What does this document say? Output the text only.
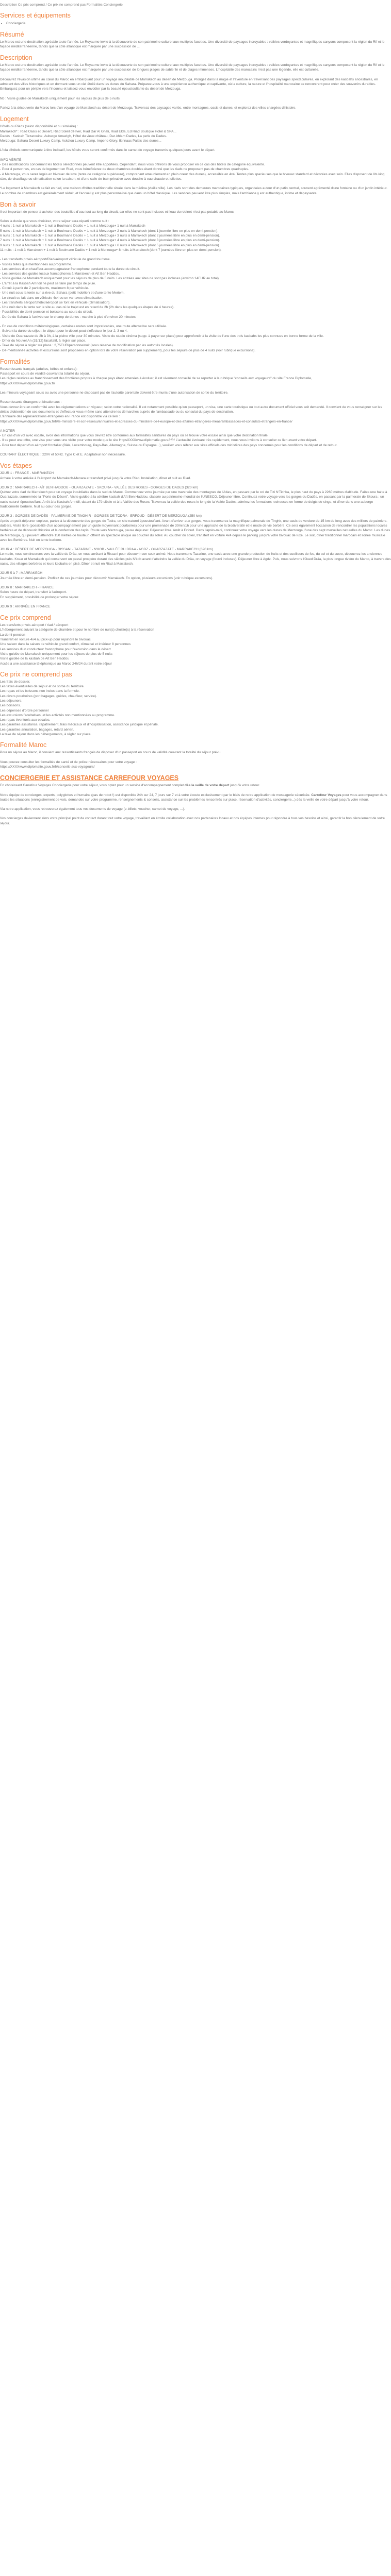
Description Ce prix comprend / Ce prix ne comprend pas Formalités Conciergerie
Services et équipements
• Conciergerie
Résumé

Le Maroc est une destination agréable toute l'année. Le Royaume invite à la découverte de son patrimoine culturel aux multiples facettes. Une diversité de paysages incroyables : vallées verdoyantes et magnifiques canyons composent la région du Rif et le façade méditerranéenne, tandis que la côte atlantique est marquée par une succession de ...

Description

Le Maroc est une destination agréable toute l'année. Le Royaume invite à la découverte de son patrimoine culturel aux multiples facettes. Une diversité de paysages incroyables : vallées verdoyantes et magnifiques canyons composent la région du Rif et le façade méditerranéenne, tandis que la côte atlantique est marquée par une succession de longues plages de sable fin et de plages immenses. L'hospitalité des marocains n'est pas une légende, elle est culturelle.

Découvrez l'évasion ultime au cœur du Maroc en embarquant pour un voyage inoubliable de Marrakech au désert de Merzouga. Plongez dans la magie et l'aventure en traversant des paysages spectaculaires, en explorant des kasbahs ancestrales, en admirant des villes historiques et en dormant sous un ciel étoilé dans les dunes du Sahara. Préparez-vous à une expérience authentique et captivante, où la culture, la nature et l'hospitalité marocaine se rencontrent pour créer des souvenirs durables. Embarquez pour un périple vers l'inconnu et laissez-vous envoûter par la beauté époustouflante du désert de Merzouga.

Nb : Visite guidée de Marrakech uniquement pour les séjours de plus de 5 nuits

Partez à la découverte du Maroc lors d'un voyage de Marrakech au désert de Merzouga. Traversez des paysages variés, entre montagnes, oasis et dunes, et explorez des villes chargées d'histoire.

Logement

Hôtels ou Riads (selon disponibilité et ou similaire) :
Marrakech* : Riad Oasis et Desert, Riad Soleil d'Hiver, Riad Dar Al Ghali, Riad Elda, Ed Riad Boutique Hotel & SPA...
Dadès : Kasbah Tizzarouine, Auberge Amazigh, Hôtel du vieux château, Dar Ahlam Dades, La perle du Dades.
Merzouga: Sahara Desert Luxury Camp, Ackdiou Luxury Camp, Imperio Glory, Iltinnaas Palais des dunes...

L'Icla d'hôtels communiquée à titre indicatif, les hôtels vous seront confirmés dans le carnet de voyage transmis quelques jours avant le départ.

INFO VÉRITÉ
- Des modifications concernant les hôtels sélectionnés peuvent être apportées. Cependant, nous vous offrirons de vous proposer en ce cas des hôtels de catégorie équivalente.
- Pour 4 personnes, en cas de logement en Riad, vous bénéficierez de deux chambres doubles étant donné que les riads ne proposent pas de chambres quadruples.
- A Merzouga, vous serez logés en bivouac de luxe (tente de catégorie supérieure), comprenant ameublement en plein coeur des dunes), accessible en 4x4. Tentes plus spacieuses que le bivouac standard et décorées avec soin. Elles disposent de lits king size, de chauffage ou climatisation selon la saison, et d'une salle de bain privative avec douche à eau chaude et toilettes.

*Le logement à Marrakech se fait en riad, une maison d'hôtes traditionnelle située dans la médina (vieille ville). Les riads sont des demeures marocaines typiques, organisées autour d'un patio central, souvent agrémenté d'une fontaine ou d'un jardin intérieur. Le nombre de chambres est généralement réduit, et l'accueil y est plus personnalisé que dans un hôtel classique. Les services peuvent être plus simples, mais l'ambiance y est authentique, intime et dépaysante.

Bon à savoir

Il est important de penser à acheter des bouteilles d'eau tout au long du circuit, car elles ne sont pas incluses et l'eau du robinet n'est pas potable au Maroc.

Selon la durée que vous choisirez, votre séjour sera réparti comme suit :
4 nuits : 1 nuit à Marrakech + 1 nuit à Boulmane Dadès + 1 nuit à Merzouga+ 1 nuit à Marrakech
5 nuits : 1 nuit à Marrakech + 1 nuit à Boulmane Dadès + 1 nuit à Merzouga+ 2 nuits à Marrakech (dont 1 journée libre en plus en demi-pension).
6 nuits : 1 nuit à Marrakech + 1 nuit à Boulmane Dadès + 1 nuit à Merzouga+ 3 nuits à Marrakech (dont 2 journées libre en plus en demi-pension).
7 nuits : 1 nuit à Marrakech + 1 nuit à Boulmane Dadès + 1 nuit à Merzouga+ 4 nuits à Marrakech (dont 3 journées libre en plus en demi-pension).
9 nuits : 1 nuit à Marrakech + 1 nuit à Boulmane Dadès + 1 nuit à Merzouga+ 6 nuits à Marrakech (dont 5 journées libre en plus en demi-pension).
11 nuits : 1 nuit à Marrakech + 1 nuit à Boulmane Dadès + 1 nuit à Merzouga+ 8 nuits à Marrakech (dont 7 journées libre en plus en demi-pension).

- Les transferts privés aéroport/Riad/aéroport véhicule de grand tourisme.
- Visites telles que mentionnées au programme.
- Les services d'un chauffeur-accompagnateur francophone pendant toute la durée du circuit.
- Les services des guides locaux francophones à Marrakech et Aït Ben Haddou.
- Visite guidée de Marrakech uniquement pour les séjours de plus de 5 nuits. Les entrées aux sites ne sont pas incluses (environ 14EUR au total)
- L'arrêt à la Kasbah Amridil ne peut se faire par temps de pluie.
- Circuit à partir de 2 participants, maximum 8 par véhicule.
- Une nuit sous la tente sur la rive du Sahara (petit mobilier) et d'une tente Meriem.
- Le circuit se fait dans un véhicule 4x4 ou un van avec climatisation.
- Les transferts aéroport/hôtel/aéroport se font en véhicule (climatisation).
- Une nuit dans la tente sur le site au cas où le trajet est en retard de 2h (2h dans les quelques étapes de 4 heures).
- Possibilités de demi-pension et boissons au cours du circuit.
- Durée du Sahara à l'arrivée sur le champ de dunes : marche à pied d'environ 20 minutes.

- En cas de conditions météorologiques, certaines routes sont impraticables, une route alternative sera utilisée.
- Suivant la durée du séjour, le départ pour le désert peut s'effectuer le jour 2, 3 ou 4.
- Visite de Ouarzazate de 2h à 3h, à la pleine ville pour 30 minutes. Visite du studio cinéma (supp. à payer sur place) pour approfondir à la visite de l'une des trois kasbahs les plus connues en bonne forme de la ville.
- Dîner du Nouvel An (31/12) facultatif, à régler sur place.
- Taxe de séjour à régler sur place : 2,75EUR/personne/nuit (sous réserve de modification par les autorités locales).
- Dé-mentionnée activités et excursions sont proposées en option lors de votre réservation (en supplément), pour les séjours de plus de 4 nuits (voir rubrique excursions).

Formalités

Ressortissants français (adultes, bébés et enfants):
Passeport en cours de validité couvrant la totalité du séjour.
Les règles relatives au franchissement des frontières propres à chaque pays étant amenées à évoluer, il est vivement conseillé de se reporter à la rubrique "conseils aux voyageurs" du site France Diplomatie,
https://XXXXwww.diplomatie.gouv.fr/

Les mineurs voyageant seuls ou avec une personne ne disposant pas de l'autorité parentale doivent être munis d'une autorisation de sortie du territoire.

Ressortissants étrangers et binationaux :
Vous devrez être en conformité avec les réglementations en vigueur, selon votre nationalité. Il est notamment possible qu'un passeport, un visa, une carte touristique ou tout autre document officiel vous soit demandé. Il convient de vous renseigner sur les délais d'obtention de ces documents et d'effectuer vous-même sans attendre les démarches auprès de l'ambassade ou du consulat du pays de destination.
L'annuaire des représentations étrangères en France est disponible via ce lien :
https://XXXXwww.diplomatie.gouv.fr/fr/le-ministere-et-son-reseau/annuaires-et-adresses-du-ministere-de-l-europe-et-des-affaires-etrangeres-meae/ambassades-et-consulats-etrangers-en-france/

A NOTER
- En cas d'un vol avec escale, avoir des informations que vous devrez être conformes aux formalités sanitaires du pays où se trouve votre escale ainsi que votre destination finale.
- Il se peut une offre, une visa pour vous une visite pour votre mode que le site HttpsXXXXwww.diplomatie.gouv.fr/fr/ L'actualité évoluant très rapidement, nous vous invitons à consulter ce lien avant votre départ.
- Pour tout départ d'un aéroport frontalier (Bâle, Luxembourg, Pays-Bas, Allemagne, Suisse ou Espagne...), veuillez vous référer aux sites officiels des ministères des pays concernés pour les conditions de départ et de retour.

COURANT ÉLECTRIQUE : 220V et 50Hz. Type C et E. Adaptateur non nécessaire.

Vos étapes
JOUR 1 : FRANCE - MARRAKECH

Arrivée à votre arrivée à l'aéroport de Marrakech-Menara et transfert privé jusqu'à votre Riad. Installation, dîner et nuit au Riad.

JOUR 2 : MARRAKECH - AÏT BEN HADDOU - OUARZAZATE - SKOURA - VALLÉE DES ROSES - GORGES DE DADES (320 km)

Quittez votre riad de Marrakech pour un voyage inoubliable dans le sud du Maroc. Commencez votre journée par une traversée des montagnes de l'Atlas, en passant par le col de Tizi N'Tichka, le plus haut du pays à 2260 mètres d'altitude. Faites une halte à Ouarzazate, surnommée la "Porte du Désert". Visite guidée à la célèbre kasbah d'Aït Ben Haddou, classée au patrimoine mondial de l'UNESCO. Déjeuner libre. Continuez votre voyage vers les gorges du Dadès, en passant par la palmeraie de Skoura ; un oasis naturel époustouflant. Arrêt à la Kasbah Amridil, datant du 17è siècle et à la Vallée des Roses. Traversez la vallée des roses le long de la Vallée Dadès, admirez les formations rocheuses en forme de doigts de singe, et dîner dans une auberge traditionnelle berbère. Nuit au cœur des gorges.

JOUR 3 : GORGES DE DADÈS - PALMERAIE DE TINGHIR - GORGES DE TODRA - ERFOUD - DÉSERT DE MERZOUGA (250 km)

Après un petit-déjeuner copieux, partez à la découverte des gorges de Todra, un site naturel époustouflant. Avant d'arriver aux gorges, vous traverserez la magnifique palmeraie de Tinghir, une oasis de verdure de 15 km de long avec des milliers de palmiers-dattiers. Visite libre (possibilité d'un accompagnement par un guide moyennant pourboires) pour une promenade de 30min/1h pour une approche de la biodiversité et le mode de vie berbère. Ce sera également l'occasion de rencontrer les populations locales berbères et de découvrir l'histoire et la confection des tapis. Route vers Merzouga, pause déjeuner. Déjeuner libre. Arrêt à Erfoud. Dans l'après-midi, continuez votre voyage vers les dunes de Merzouga, l'une des sept merveilles naturelles du Maroc. Les dunes de Merzouga, qui peuvent atteindre 150 mètres de hauteur, offrent un spectacle unique au coucher du soleil. Au coucher du soleil, transfert en voiture 4x4 depuis le parking jusqu'à votre bivouac de luxe. Le soir, dîner traditionnel marocain et soirée musicale avec les Berbères. Nuit en tente berbère.

JOUR 4 : DÉSERT DE MERZOUGA - RISSANI - TAZARINE - N'KOB - VALLÉE DU DRAA - AGDZ - OUARZAZATE - MARRAKECH (620 km)

Le matin, nous continuerons vers la vallée du Drâa, en vous arrêtant à Rissani pour découvrir son souk animé. Nous traversons Tazarine, une oasis avec une grande production de fruits et des cueilleurs de foc, du sel et du sucre, découvrez les anciennes kasbahs. Kssar et Marrakech qui conservent un passé prospère durant des siècles puis N'kob avant d'atteindre la vallée du Drâa, on voyage (fourni incluses). Déjeuner libre à Agdz. Puis, nous suivrons l'Oued Drâa, la plus longue rivière du Maroc, à travers des oasis, des villages berbères et leurs ksobahs en pisé. Dîner et nuit en Riad à Marrakech.

JOUR 5 à 7 : MARRAKECH

Journée libre en demi-pension. Profitez de ces journées pour découvrir Marrakech. En option, plusieurs excursions (voir rubrique excursions).

JOUR 8 : MARRAKECH - FRANCE

Selon heure de départ, transfert à l'aéroport.
En supplément, possibilité de prolonger votre séjour.

JOUR 9 : ARRIVÉE EN FRANCE

Ce prix comprend
Les transferts privés aéroport / riad / aéroport
L'hébergement suivant la catégorie de chambre et pour le nombre de nuit(s) choisie(s) à la réservation
La demi-pension
Transfert en voiture 4x4 au pick-up pour rejoindre le bivouac
Une saison dans la saison de véhicule grand confort, climatisé et intérieur 8 personnes
Les services d'un conducteur francophone pour l'excursion dans le désert
Visite guidée de Marrakech uniquement pour les séjours de plus de 5 nuits
Visite guidée de la kasbah de Aït Ben Haddou
Accès à une assistance téléphonique au Maroc 24h/24 durant votre séjour
Ce prix ne comprend pas
Les frais de dossier.
Les taxes éventuelles de séjour et de sortie du territoire.
Les repas et les boissons non inclus dans la formule.
Les divers pourboires (port bagages, guides, chauffeur, service).
Les déjeuners.
Les boissons.
Les dépenses d'ordre personnel
Les excursions facultatives, et les activités non mentionnées au programme.
Les repas éventuels aux escales.
Les garanties assistance, rapatriement, frais médicaux et d'hospitalisation, assistance juridique et pénale.
Les garanties annulation, bagages, retard aérien.
La taxe de séjour dans les hébergements, à régler sur place.
Formalité Maroc

Pour un séjour au Maroc, il convient aux ressortissants français de disposer d'un passeport en cours de validité couvrant la totalité du séjour prévu.

Vous pouvez consulter les formalités de santé et de police nécessaires pour votre voyage :
https://XXXXwww.diplomatie.gouv.fr/fr/conseils-aux-voyageurs/

CONCIERGERIE ET ASSISTANCE CARREFOUR VOYAGES

En choisissant Carrefour Voyages Conciergerie pour votre séjour, vous optez pour un service d'accompagnement complet dès la veille de votre départ jusqu'à votre retour.

Notre équipe de concierges, experts, polyglottes et humains (pas de robot !) est disponible 24h sur 24, 7 jours sur 7 et à votre écoute exclusivement par le biais de notre application de messagerie sécurisée. Carrefour Voyages pour vous accompagner dans toutes les situations (enregistrement de vols, demandes sur votre programme, renseignements & conseils, assistance sur les problèmes rencontrés sur place, réservation d'activités, conciergerie...) dès la veille de votre départ jusqu'à votre retour.

Via notre application, vous retrouverez également tous vos documents de voyage (e-billets, voucher, carnet de voyage, ...).

Vos concierges deviennent alors votre principal point de contact durant tout votre voyage, travaillant en étroite collaboration avec nos partenaires locaux et nos équipes internes pour répondre à tous vos besoins et ainsi, garantir la bon déroulement de votre séjour.
